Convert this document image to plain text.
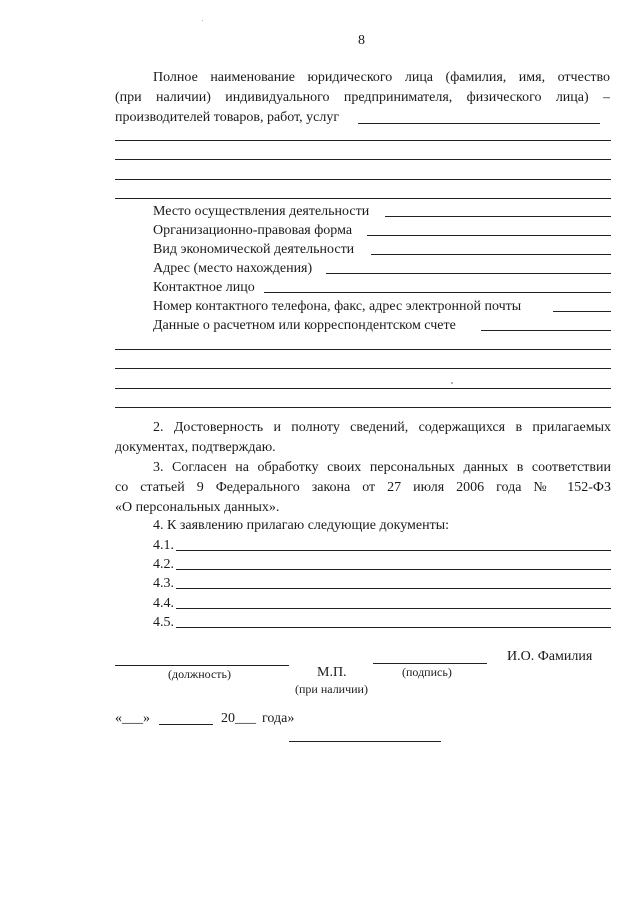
8
Полное наименование юридического лица (фамилия, имя, отчество
(при наличии) индивидуального предпринимателя, физического лица) –
производителей товаров, работ, услуг
Место осуществления деятельности
Организационно-правовая форма
Вид экономической деятельности
Адрес (место нахождения)
Контактное лицо
Номер контактного телефона, факс, адрес электронной почты
Данные о расчетном или корреспондентском счете
2. Достоверность и полноту сведений, содержащихся в прилагаемых
документах, подтверждаю.
3. Согласен на обработку своих персональных данных в соответствии
со статьей 9 Федерального закона от 27 июля 2006 года № 152-ФЗ
«О персональных данных».
4. К заявлению прилагаю следующие документы:
4.1.
4.2.
4.3.
4.4.
4.5.
(должность)	М.П.
(при наличии)
(подпись)
И.О. Фамилия
«___»	20___ года»
